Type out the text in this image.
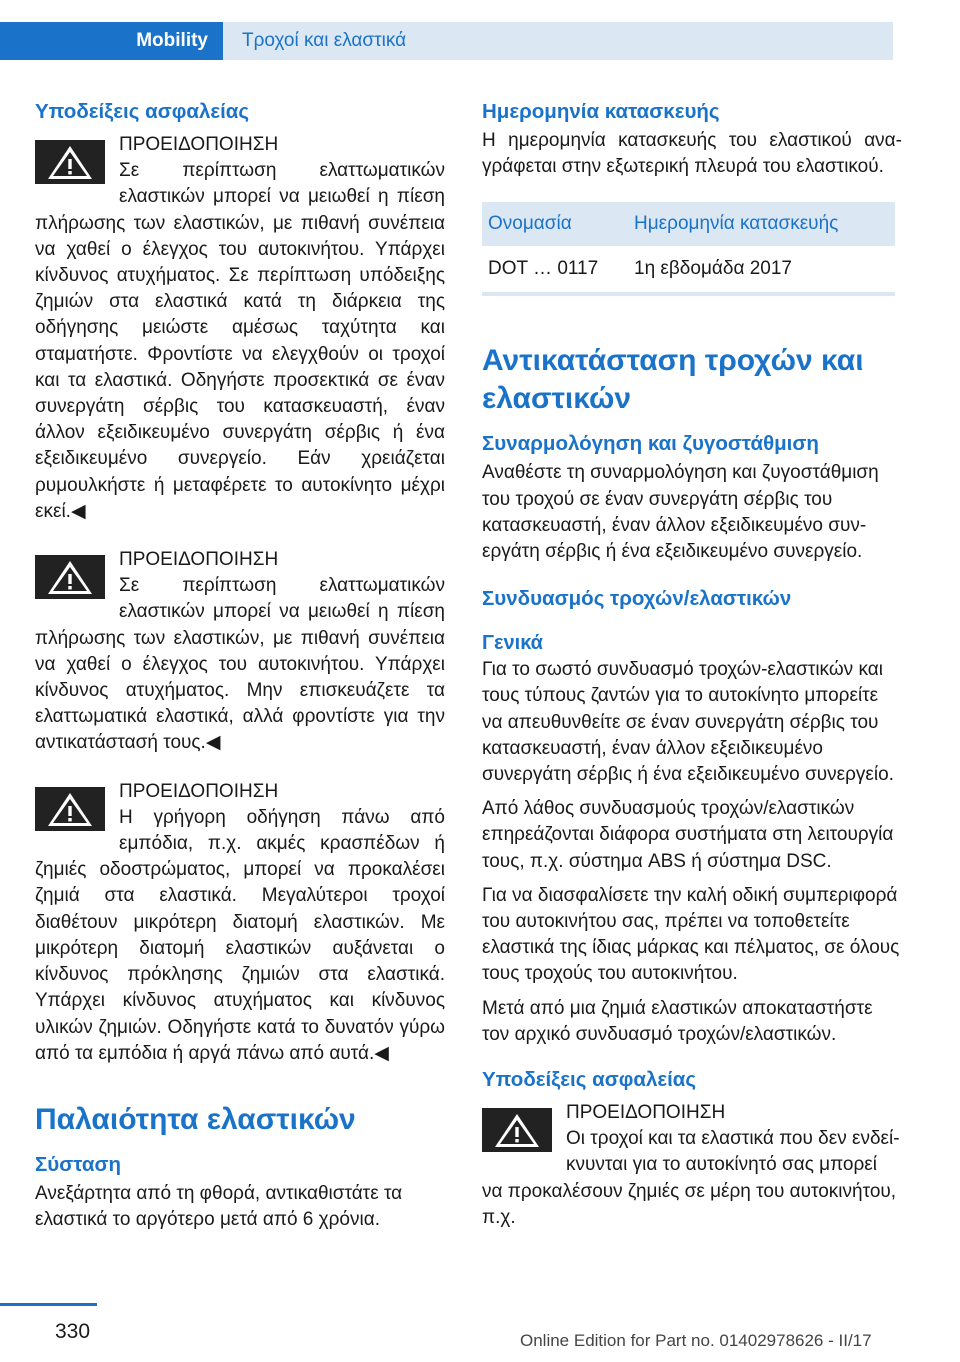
Mobility	Τροχοί και ελαστικά
Υποδείξεις ασφαλείας

ΠΡΟΕΙΔΟΠΟΙΗΣΗ

Σε περίπτωση ελαττωματικών ελαστικών μπορεί να μειωθεί η πίεση πλήρωσης των ελαστικών, με πιθανή συνέπεια να χαθεί ο έλεγχος του αυτοκινήτου. Υπάρχει κίνδυνος ατυχήματος. Σε περίπτωση υπόδειξης ζημιών στα ελαστικά κατά τη διάρκεια της οδήγησης μειώστε αμέσως ταχύτητα και σταματήστε. Φροντίστε να ελεγχθούν οι τροχοί και τα ελαστικά. Οδηγήστε προσεκτικά σε έναν συνεργάτη σέρβις του κατασκευαστή, έναν άλλον εξειδικευμένο συνεργάτη σέρβις ή ένα εξειδικευμένο συνεργείο. Εάν χρειάζεται ρυμουλκήστε ή μεταφέρετε το αυτοκίνητο μέχρι εκεί.◀

ΠΡΟΕΙΔΟΠΟΙΗΣΗ

Σε περίπτωση ελαττωματικών ελαστικών μπορεί να μειωθεί η πίεση πλήρωσης των ελαστικών, με πιθανή συνέπεια να χαθεί ο έλεγχος του αυτοκινήτου. Υπάρχει κίνδυνος ατυχήματος. Μην επισκευάζετε τα ελαττωματικά ελαστικά, αλλά φροντίστε για την αντικατάστασή τους.◀

ΠΡΟΕΙΔΟΠΟΙΗΣΗ

Η γρήγορη οδήγηση πάνω από εμπόδια, π.χ. ακμές κρασπέδων ή ζημιές οδοστρώματος, μπορεί να προκαλέσει ζημιά στα ελαστικά. Μεγαλύτεροι τροχοί διαθέτουν μικρότερη διατομή ελαστικών. Με μικρότερη διατομή ελαστικών αυξάνεται ο κίνδυνος πρόκλησης ζημιών στα ελαστικά. Υπάρχει κίνδυνος ατυχήματος και κίνδυνος υλικών ζημιών. Οδηγήστε κατά το δυνατόν γύρω από τα εμπόδια ή αργά πάνω από αυτά.◀

Παλαιότητα ελαστικών
Σύσταση

Ανεξάρτητα από τη φθορά, αντικαθιστάτε τα ελαστικά το αργότερο μετά από 6 χρόνια.

Ημερομηνία κατασκευής

Η ημερομηνία κατασκευής του ελαστικού αναγράφεται στην εξωτερική πλευρά του ελαστικού.

Ονομασία	Ημερομηνία κατασκευής
DOT … 0117	1η εβδομάδα 2017
Αντικατάσταση τροχών και ελαστικών
Συναρμολόγηση και ζυγοστάθμιση

Αναθέστε τη συναρμολόγηση και ζυγοστάθμιση του τροχού σε έναν συνεργάτη σέρβις του κατασκευαστή, έναν άλλον εξειδικευμένο συνεργάτη σέρβις ή ένα εξειδικευμένο συνεργείο.

Συνδυασμός τροχών/ελαστικών
Γενικά

Για το σωστό συνδυασμό τροχών-ελαστικών και τους τύπους ζαντών για το αυτοκίνητο μπορείτε να απευθυνθείτε σε έναν συνεργάτη σέρβις του κατασκευαστή, έναν άλλον εξειδικευμένο συνεργάτη σέρβις ή ένα εξειδικευμένο συνεργείο.

Από λάθος συνδυασμούς τροχών/ελαστικών επηρεάζονται διάφορα συστήματα στη λειτουργία τους, π.χ. σύστημα ABS ή σύστημα DSC.

Για να διασφαλίσετε την καλή οδική συμπεριφορά του αυτοκινήτου σας, πρέπει να τοποθετείτε ελαστικά της ίδιας μάρκας και πέλματος, σε όλους τους τροχούς του αυτοκινήτου.

Μετά από μια ζημιά ελαστικών αποκαταστήστε τον αρχικό συνδυασμό τροχών/ελαστικών.

Υποδείξεις ασφαλείας

ΠΡΟΕΙΔΟΠΟΙΗΣΗ

Οι τροχοί και τα ελαστικά που δεν ενδείκνυνται για το αυτοκίνητό σας μπορεί να προκαλέσουν ζημιές σε μέρη του αυτοκινήτου, π.χ.

330	Online Edition for Part no. 01402978626 - II/17
